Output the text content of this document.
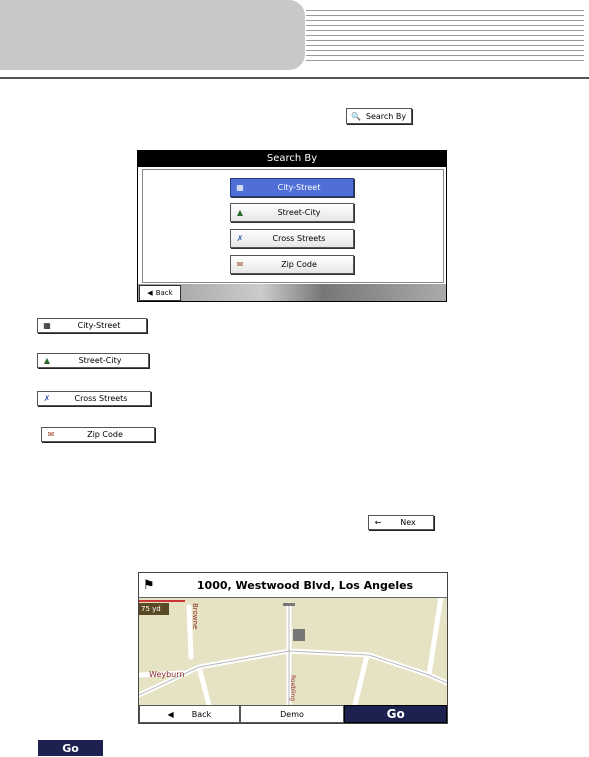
🔍 Search By
Search By
▦	City-Street
▲	Street-City
✗	Cross Streets
✉	Zip Code
◀ Back
▦	City-Street
▲	Street-City
✗	Cross Streets
✉	Zip Code
←	Nex
⚑	1000, Westwood Blvd, Los Angeles
75 yd	Browne
Weyburn
Roebling
◀ Back	Demo	Go
Go
